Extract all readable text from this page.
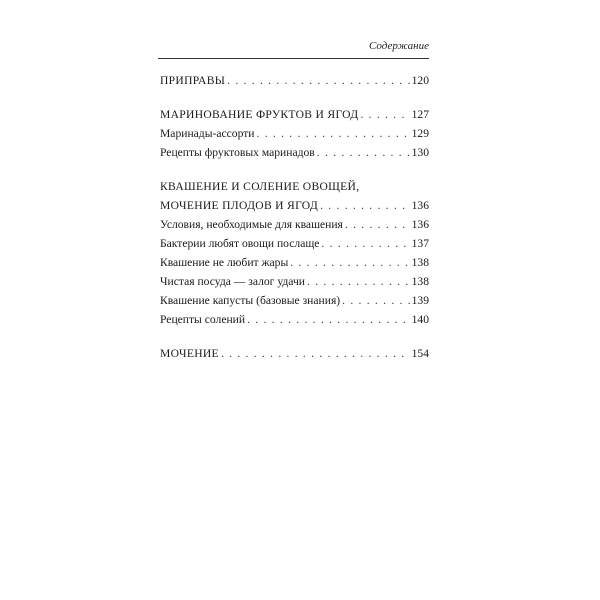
Содержание
ПРИПРАВЫ . . .	120
МАРИНОВАНИЕ ФРУКТОВ И ЯГОД . . .	127
Маринады-ассорти . . .	129
Рецепты фруктовых маринадов . . .	130
КВАШЕНИЕ И СОЛЕНИЕ ОВОЩЕЙ,
МОЧЕНИЕ ПЛОДОВ И ЯГОД . . .	136
Условия, необходимые для квашения . . .	136
Бактерии любят овощи послаще . . .	137
Квашение не любит жары . . .	138
Чистая посуда — залог удачи . . .	138
Квашение капусты (базовые знания) . . .	139
Рецепты солений . . .	140
МОЧЕНИЕ . . .	154
